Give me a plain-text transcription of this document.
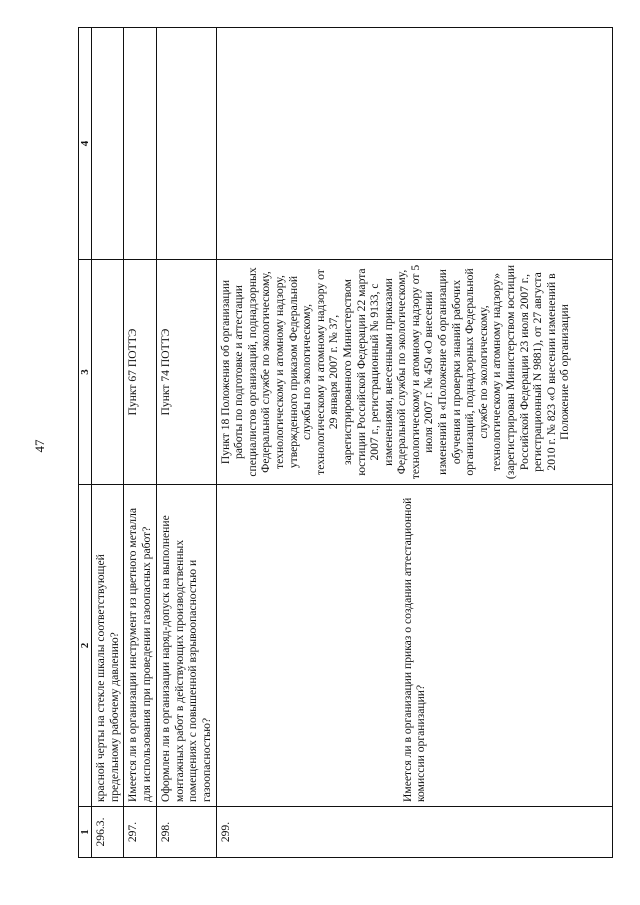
47
1	2	3	4
296.3.	красной черты на стекле шкалы соответствующей предельному рабочему давлению?		
297.	Имеется ли в организации инструмент из цветного металла для использования при проведении газоопасных работ?	Пункт 67 ПОТТЭ	
298.	Оформлен ли в организации наряд-допуск на выполнение монтажных работ в действующих производственных помещениях с повышенной взрывоопасностью и газоопасностью?	Пункт 74 ПОТТЭ	
299.	Имеется ли в организации приказ о создании аттестационной комиссии организации?	Пункт 18 Положения об организации работы по подготовке и аттестации специалистов организаций, поднадзорных Федеральной службе по экологическому, технологическому и атомному надзору, утвержденного приказом Федеральной службы по экологическому, технологическому и атомному надзору от 29 января 2007 г. № 37, зарегистрированного Министерством юстиции Российской Федерации 22 марта 2007 г., регистрационный № 9133, с изменениями, внесенными приказами Федеральной службы по экологическому, технологическому и атомному надзору от 5 июля 2007 г. № 450 «О внесении изменений в «Положение об организации обучения и проверки знаний рабочих организаций, поднадзорных Федеральной службе по экологическому, технологическому и атомному надзору» (зарегистрирован Министерством юстиции Российской Федерации 23 июля 2007 г., регистрационный N 9881), от 27 августа 2010 г. № 823 «О внесении изменений в Положение об организации	
